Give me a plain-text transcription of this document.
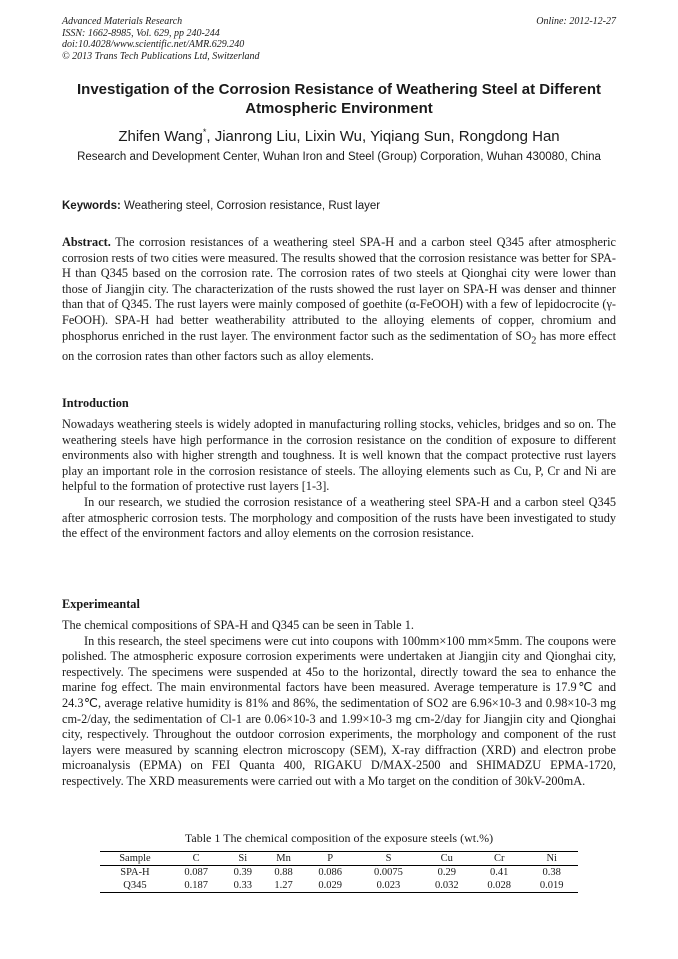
Advanced Materials Research
ISSN: 1662-8985, Vol. 629, pp 240-244
doi:10.4028/www.scientific.net/AMR.629.240
© 2013 Trans Tech Publications Ltd, Switzerland
Online: 2012-12-27
Investigation of the Corrosion Resistance of Weathering Steel at Different Atmospheric Environment
Zhifen Wang*, Jianrong Liu, Lixin Wu, Yiqiang Sun, Rongdong Han
Research and Development Center, Wuhan Iron and Steel (Group) Corporation, Wuhan 430080, China
Keywords: Weathering steel, Corrosion resistance, Rust layer
Abstract. The corrosion resistances of a weathering steel SPA-H and a carbon steel Q345 after atmospheric corrosion rests of two cities were measured. The results showed that the corrosion resistance was better for SPA-H than Q345 based on the corrosion rate. The corrosion rates of two steels at Qionghai city were lower than those of Jiangjin city. The characterization of the rusts showed the rust layer on SPA-H was denser and thinner than that of Q345. The rust layers were mainly composed of goethite (α-FeOOH) with a few of lepidocrocite (γ-FeOOH). SPA-H had better weatherability attributed to the alloying elements of copper, chromium and phosphorus enriched in the rust layer. The environment factor such as the sedimentation of $SO_2$ has more effect on the corrosion rates than other factors such as alloy elements.
Introduction

Nowadays weathering steels is widely adopted in manufacturing rolling stocks, vehicles, bridges and so on. The weathering steels have high performance in the corrosion resistance on the condition of exposure to different environments also with higher strength and toughness. It is well known that the compact protective rust layers play an important role in the corrosion resistance of steels. The alloying elements such as Cu, P, Cr and Ni are helpful to the formation of protective rust layers [1-3].

In our research, we studied the corrosion resistance of a weathering steel SPA-H and a carbon steel Q345 after atmospheric corrosion tests. The morphology and composition of the rusts have been investigated to study the effect of the environment factors and alloy elements on the corrosion resistance.

Experimeantal

The chemical compositions of SPA-H and Q345 can be seen in Table 1.

In this research, the steel specimens were cut into coupons with 100mm×100 mm×5mm. The coupons were polished. The atmospheric exposure corrosion experiments were undertaken at Jiangjin city and Qionghai city, respectively. The specimens were suspended at 45o to the horizontal, directly toward the sea to enhance the marine fog effect. The main environmental factors have been measured. Average temperature is 17.9℃ and 24.3℃, average relative humidity is 81% and 86%, the sedimentation of SO2 are 6.96×10-3 and 0.98×10-3 mg cm-2/day, the sedimentation of Cl-1 are 0.06×10-3 and 1.99×10-3 mg cm-2/day for Jiangjin city and Qionghai city, respectively. Throughout the outdoor corrosion experiments, the morphology and component of the rust layers were measured by scanning electron microscopy (SEM), X-ray diffraction (XRD) and electron probe microanalysis (EPMA) on FEI Quanta 400, RIGAKU D/MAX-2500 and SHIMADZU EPMA-1720, respectively. The XRD measurements were carried out with a Mo target on the condition of 30kV-200mA.

Table 1 The chemical composition of the exposure steels (wt.%)
Sample	C	Si	Mn	P	S	Cu	Cr	Ni
SPA-H	0.087	0.39	0.88	0.086	0.0075	0.29	0.41	0.38
Q345	0.187	0.33	1.27	0.029	0.023	0.032	0.028	0.019
